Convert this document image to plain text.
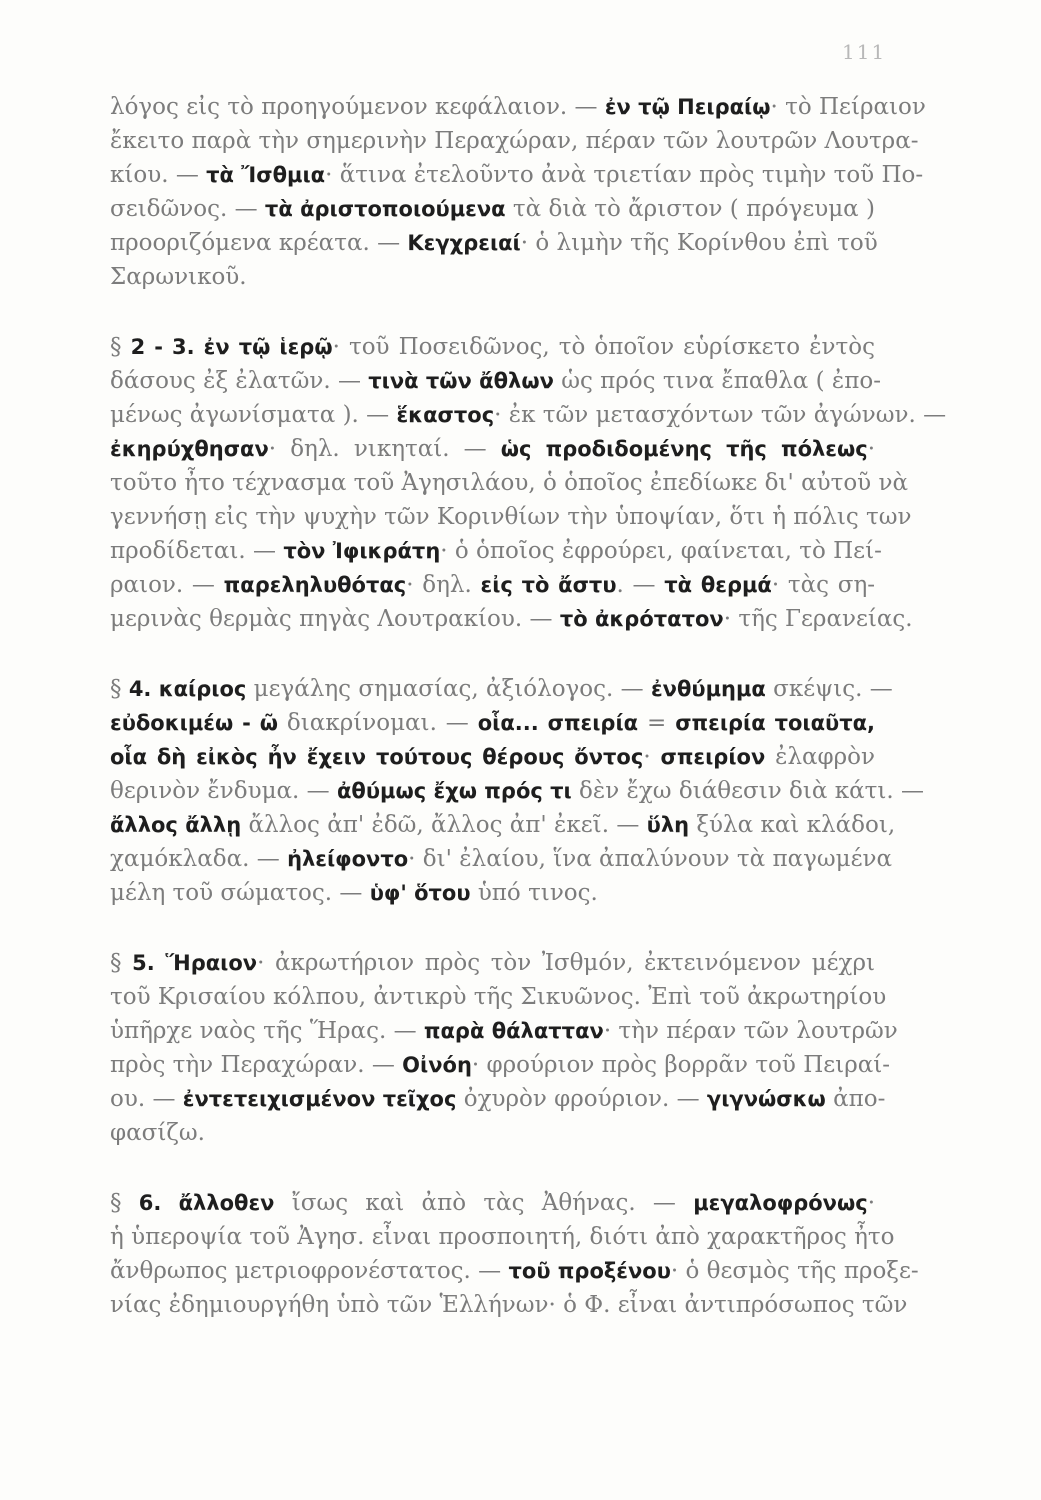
111
λόγος εἰς τὸ προηγούμενον κεφάλαιον. — ἐν τῷ Πειραίῳ· τὸ Πείραιον
ἔκειτο παρὰ τὴν σημερινὴν Περαχώραν, πέραν τῶν λουτρῶν Λουτρα-
κίου. — τὰ Ἴσθμια· ἅτινα ἐτελοῦντο ἀνὰ τριετίαν πρὸς τιμὴν τοῦ Πο-
σειδῶνος. — τὰ ἀριστοποιούμενα τὰ διὰ τὸ ἄριστον ( πρόγευμα )
προοριζόμενα κρέατα. — Κεγχρειαί· ὁ λιμὴν τῆς Κορίνθου ἐπὶ τοῦ
Σαρωνικοῦ.
§ 2 - 3. ἐν τῷ ἱερῷ· τοῦ Ποσειδῶνος, τὸ ὁποῖον εὑρίσκετο ἐντὸς
δάσους ἐξ ἐλατῶν. — τινὰ τῶν ἄθλων ὡς πρός τινα ἔπαθλα ( ἐπο-
μένως ἀγωνίσματα ). — ἕκαστος· ἐκ τῶν μετασχόντων τῶν ἀγώνων. —
ἐκηρύχθησαν· δηλ. νικηταί. — ὡς προδιδομένης τῆς πόλεως·
τοῦτο ἦτο τέχνασμα τοῦ Ἀγησιλάου, ὁ ὁποῖος ἐπεδίωκε δι' αὐτοῦ νὰ
γεννήσῃ εἰς τὴν ψυχὴν τῶν Κορινθίων τὴν ὑποψίαν, ὅτι ἡ πόλις των
προδίδεται. — τὸν Ἰφικράτη· ὁ ὁποῖος ἐφρούρει, φαίνεται, τὸ Πεί-
ραιον. — παρεληλυθότας· δηλ. εἰς τὸ ἄστυ. — τὰ θερμά· τὰς ση-
μερινὰς θερμὰς πηγὰς Λουτρακίου. — τὸ ἀκρότατον· τῆς Γερανείας.
§ 4. καίριος μεγάλης σημασίας, ἀξιόλογος. — ἐνθύμημα σκέψις. —
εὐδοκιμέω - ῶ διακρίνομαι. — οἷα... σπειρία = σπειρία τοιαῦτα,
οἷα δὴ εἰκὸς ἦν ἔχειν τούτους θέρους ὄντος· σπειρίον ἐλαφρὸν
θερινὸν ἔνδυμα. — ἀθύμως ἔχω πρός τι δὲν ἔχω διάθεσιν διὰ κάτι. —
ἄλλος ἄλλῃ ἄλλος ἀπ' ἐδῶ, ἄλλος ἀπ' ἐκεῖ. — ὕλη ξύλα καὶ κλάδοι,
χαμόκλαδα. — ἠλείφοντο· δι' ἐλαίου, ἵνα ἀπαλύνουν τὰ παγωμένα
μέλη τοῦ σώματος. — ὑφ' ὅτου ὑπό τινος.
§ 5. Ἥραιον· ἀκρωτήριον πρὸς τὸν Ἰσθμόν, ἐκτεινόμενον μέχρι
τοῦ Κρισαίου κόλπου, ἀντικρὺ τῆς Σικυῶνος. Ἐπὶ τοῦ ἀκρωτηρίου
ὑπῆρχε ναὸς τῆς Ἥρας. — παρὰ θάλατταν· τὴν πέραν τῶν λουτρῶν
πρὸς τὴν Περαχώραν. — Οἰνόη· φρούριον πρὸς βορρᾶν τοῦ Πειραί-
ου. — ἐντετειχισμένον τεῖχος ὀχυρὸν φρούριον. — γιγνώσκω ἀπο-
φασίζω.
§ 6. ἄλλοθεν ἴσως καὶ ἀπὸ τὰς Ἀθήνας. — μεγαλοφρόνως·
ἡ ὑπεροψία τοῦ Ἀγησ. εἶναι προσποιητή, διότι ἀπὸ χαρακτῆρος ἦτο
ἄνθρωπος μετριοφρονέστατος. — τοῦ προξένου· ὁ θεσμὸς τῆς προξε-
νίας ἐδημιουργήθη ὑπὸ τῶν Ἑλλήνων· ὁ Φ. εἶναι ἀντιπρόσωπος τῶν
